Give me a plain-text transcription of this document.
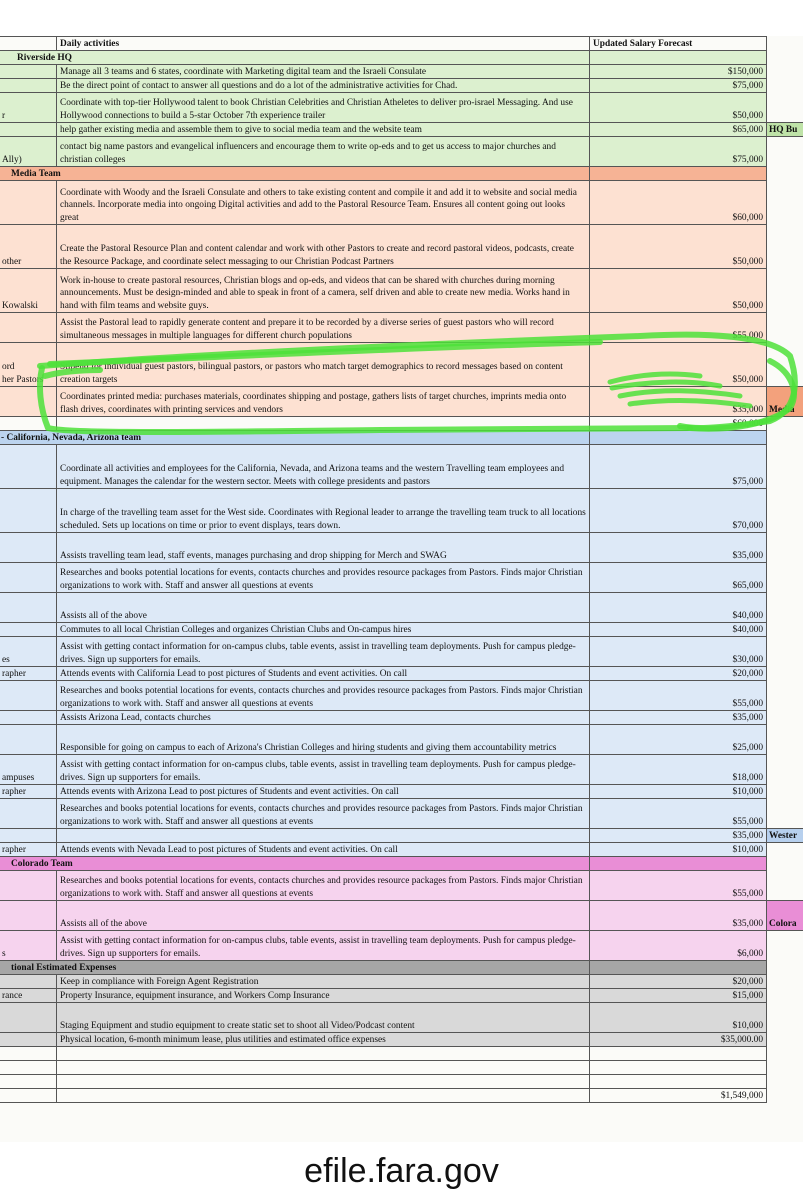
	Daily activities	Updated Salary Forecast	

Riverside HQ			

	Manage all 3 teams and 6 states, coordinate with Marketing digital team and the Israeli Consulate	$150,000	
	Be the direct point of contact to answer all questions and do a lot of the administrative activities for Chad.	$75,000	
r	Coordinate with top-tier Hollywood talent to book Christian Celebrities and Christian Atheletes to deliver pro-israel Messaging. And use Hollywood connections to build a 5-star October 7th experience trailer	$50,000	
	help gather existing media and assemble them to give to social media team and the website team	$65,000	HQ Bu
Ally)	contact big name pastors and evangelical influencers and encourage them to write op-eds and to get us access to major churches and christian colleges	$75,000	

Media Team			

	Coordinate with Woody and the Israeli Consulate and others to take existing content and compile it and add it to website and social media channels. Incorporate media into ongoing Digital activities and add to the Pastoral Resource Team. Ensures all content going out looks great	$60,000	
other	Create the Pastoral Resource Plan and content calendar and work with other Pastors to create and record pastoral videos, podcasts, create the Resource Package, and coordinate select messaging to our Christian Podcast Partners	$50,000	
Kowalski	Work in-house to create pastoral resources, Christian blogs and op-eds, and videos that can be shared with churches during morning announcements. Must be design-minded and able to speak in front of a camera, self driven and able to create new media. Works hand in hand with film teams and website guys.	$50,000	
	Assist the Pastoral lead to rapidly generate content and prepare it to be recorded by a diverse series of guest pastors who will record simultaneous messages in multiple languages for different church populations	$55,000	
ord
her Pastors	Stipend for individual guest pastors, bilingual pastors, or pastors who match target demographics to record messages based on content creation targets	$50,000	
	Coordinates printed media: purchases materials, coordinates shipping and postage, gathers lists of target churches, imprints media onto flash drives, coordinates with printing services and vendors	$35,000	Media
		$60,000	

- California, Nevada, Arizona team			

	Coordinate all activities and employees for the California, Nevada, and Arizona teams and the western Travelling team employees and equipment. Manages the calendar for the western sector. Meets with college presidents and pastors	$75,000	
	In charge of the travelling team asset for the West side. Coordinates with Regional leader to arrange the travelling team truck to all locations scheduled. Sets up locations on time or prior to event displays, tears down.	$70,000	
	Assists travelling team lead, staff events, manages purchasing and drop shipping for Merch and SWAG	$35,000	
	Researches and books potential locations for events, contacts churches and provides resource packages from Pastors. Finds major Christian organizations to work with. Staff and answer all questions at events	$65,000	
	Assists all of the above	$40,000	
	Commutes to all local Christian Colleges and organizes Christian Clubs and On-campus hires	$40,000	
es	Assist with getting contact information for on-campus clubs, table events, assist in travelling team deployments. Push for campus pledge-drives. Sign up supporters for emails.	$30,000	
rapher	Attends events with California Lead to post pictures of Students and event activities. On call	$20,000	
	Researches and books potential locations for events, contacts churches and provides resource packages from Pastors. Finds major Christian organizations to work with. Staff and answer all questions at events	$55,000	
	Assists Arizona Lead, contacts churches	$35,000	
	Responsible for going on campus to each of Arizona's Christian Colleges and hiring students and giving them accountability metrics	$25,000	
ampuses	Assist with getting contact information for on-campus clubs, table events, assist in travelling team deployments. Push for campus pledge-drives. Sign up supporters for emails.	$18,000	
rapher	Attends events with Arizona Lead to post pictures of Students and event activities. On call	$10,000	
	Researches and books potential locations for events, contacts churches and provides resource packages from Pastors. Finds major Christian organizations to work with. Staff and answer all questions at events	$55,000	
		$35,000	Wester
rapher	Attends events with Nevada Lead to post pictures of Students and event activities. On call	$10,000	

Colorado Team			

	Researches and books potential locations for events, contacts churches and provides resource packages from Pastors. Finds major Christian organizations to work with. Staff and answer all questions at events	$55,000	
	Assists all of the above	$35,000	Colora
s	Assist with getting contact information for on-campus clubs, table events, assist in travelling team deployments. Push for campus pledge-drives. Sign up supporters for emails.	$6,000	

tional Estimated Expenses			

	Keep in compliance with Foreign Agent Registration	$20,000	
rance	Property Insurance, equipment insurance, and Workers Comp Insurance	$15,000	
	Staging Equipment and studio equipment to create static set to shoot all Video/Podcast content	$10,000	
	Physical location, 6-month minimum lease, plus utilities and estimated office expenses	$35,000.00	

		$1,549,000	
efile.fara.gov
